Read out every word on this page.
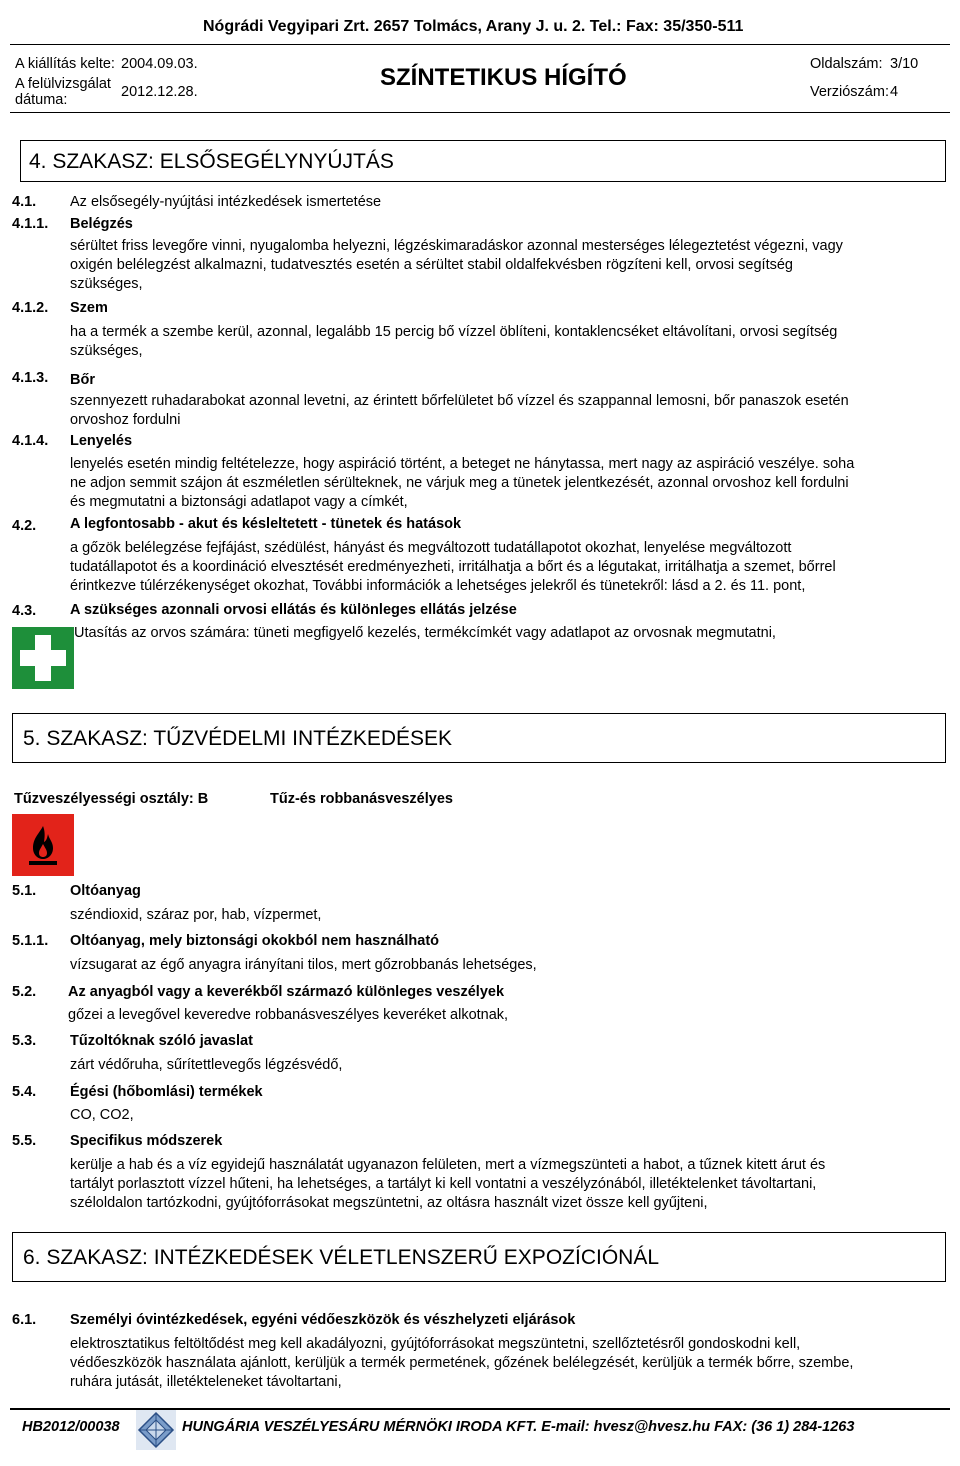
Nógrádi Vegyipari Zrt. 2657 Tolmács, Arany J. u. 2. Tel.: Fax: 35/350-511
A kiállítás kelte: 2004.09.03.
A felülvizsgálat
dátuma:	2012.12.28.
SZÍNTETIKUS HÍGÍTÓ	Oldalszám: 3/10
Verziószám: 4
4. SZAKASZ: ELSŐSEGÉLYNYÚJTÁS
4.1. Az elsősegély-nyújtási intézkedések ismertetése
4.1.1. Belégzés
sérültet friss levegőre vinni, nyugalomba helyezni, légzéskimaradáskor azonnal mesterséges lélegeztetést végezni, vagy
oxigén belélegzést alkalmazni, tudatvesztés esetén a sérültet stabil oldalfekvésben rögzíteni kell, orvosi segítség
szükséges,
4.1.2. Szem
ha a termék a szembe kerül, azonnal, legalább 15 percig bő vízzel öblíteni, kontaklencséket eltávolítani, orvosi segítség
szükséges,
4.1.3. Bőr
szennyezett ruhadarabokat azonnal levetni, az érintett bőrfelületet bő vízzel és szappannal lemosni, bőr panaszok esetén
orvoshoz fordulni
4.1.4. Lenyelés
lenyelés esetén mindig feltételezze, hogy aspiráció történt, a beteget ne hánytassa, mert nagy az aspiráció veszélye. soha
ne adjon semmit szájon át eszméletlen sérülteknek, ne várjuk meg a tünetek jelentkezését, azonnal orvoshoz kell fordulni
és megmutatni a biztonsági adatlapot vagy a címkét,
4.2. A legfontosabb - akut és késleltetett - tünetek és hatások
a gőzök belélegzése fejfájást, szédülést, hányást és megváltozott tudatállapotot okozhat, lenyelése megváltozott
tudatállapotot és a koordináció elvesztését eredményezheti, irritálhatja a bőrt és a légutakat, irritálhatja a szemet, bőrrel
érintkezve túlérzékenységet okozhat, További információk a lehetséges jelekről és tünetekről: lásd a 2. és 11. pont,
4.3. A szükséges azonnali orvosi ellátás és különleges ellátás jelzése
Utasítás az orvos számára: tüneti megfigyelő kezelés, termékcímkét vagy adatlapot az orvosnak megmutatni,
5. SZAKASZ: TŰZVÉDELMI INTÉZKEDÉSEK
Tűzveszélyességi osztály: B	Tűz-és robbanásveszélyes
5.1. Oltóanyag
széndioxid, száraz por, hab, vízpermet,
5.1.1. Oltóanyag, mely biztonsági okokból nem használható
vízsugarat az égő anyagra irányítani tilos, mert gőzrobbanás lehetséges,
5.2. Az anyagból vagy a keverékből származó különleges veszélyek
gőzei a levegővel keveredve robbanásveszélyes keveréket alkotnak,
5.3. Tűzoltóknak szóló javaslat
zárt védőruha, sűrítettlevegős légzésvédő,
5.4. Égési (hőbomlási) termékek
CO, CO2,
5.5. Specifikus módszerek
kerülje a hab és a víz egyidejű használatát ugyanazon felületen, mert a vízmegszünteti a habot, a tűznek kitett árut és
tartályt porlasztott vízzel hűteni, ha lehetséges, a tartályt ki kell vontatni a veszélyzónából, illetéktelenket távoltartani,
széloldalon tartózkodni, gyújtóforrásokat megszüntetni, az oltásra használt vizet össze kell gyűjteni,
6. SZAKASZ: INTÉZKEDÉSEK VÉLETLENSZERŰ EXPOZÍCIÓNÁL
6.1. Személyi óvintézkedések, egyéni védőeszközök és vészhelyzeti eljárások
elektrosztatikus feltöltődést meg kell akadályozni, gyújtóforrásokat megszüntetni, szellőztetésről gondoskodni kell,
védőeszközök használata ajánlott, kerüljük a termék permetének, gőzének belélegzését, kerüljük a termék bőrre, szembe,
ruhára jutását, illetékteleneket távoltartani,
HB2012/00038	HUNGÁRIA VESZÉLYESÁRU MÉRNÖKI IRODA KFT. E-mail: hvesz@hvesz.hu FAX: (36 1) 284-1263
